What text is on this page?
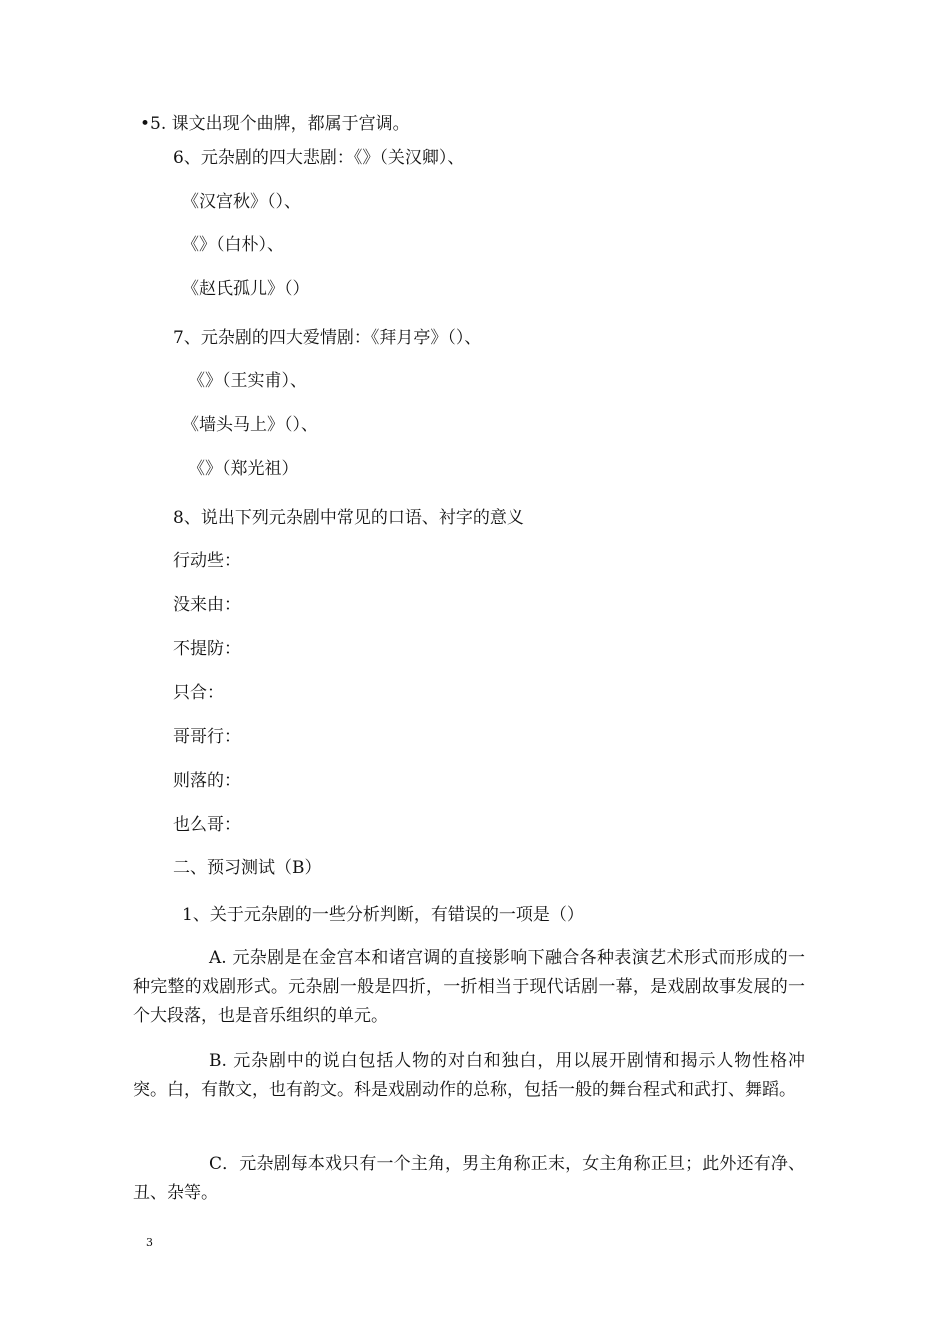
•5. 课文出现个曲牌，都属于宫调。
6、元杂剧的四大悲剧：《》（关汉卿）、
《汉宫秋》（）、
《》（白朴）、
《赵氏孤儿》（）
7、元杂剧的四大爱情剧：《拜月亭》（）、
《》（王实甫）、
《墙头马上》（）、
《》（郑光祖）
8、说出下列元杂剧中常见的口语、衬字的意义
行动些：
没来由：
不提防：
只合：
哥哥行：
则落的：
也么哥：
二、预习测试（B）
1、关于元杂剧的一些分析判断，有错误的一项是（）
A. 元杂剧是在金宫本和诸宫调的直接影响下融合各种表演艺术形式而形成的一种完整的戏剧形式。元杂剧一般是四折，一折相当于现代话剧一幕，是戏剧故事发展的一个大段落，也是音乐组织的单元。
B. 元杂剧中的说白包括人物的对白和独白，用以展开剧情和揭示人物性格冲突。白，有散文，也有韵文。科是戏剧动作的总称，包括一般的舞台程式和武打、舞蹈。
C．元杂剧每本戏只有一个主角，男主角称正末，女主角称正旦；此外还有净、丑、杂等。
3
